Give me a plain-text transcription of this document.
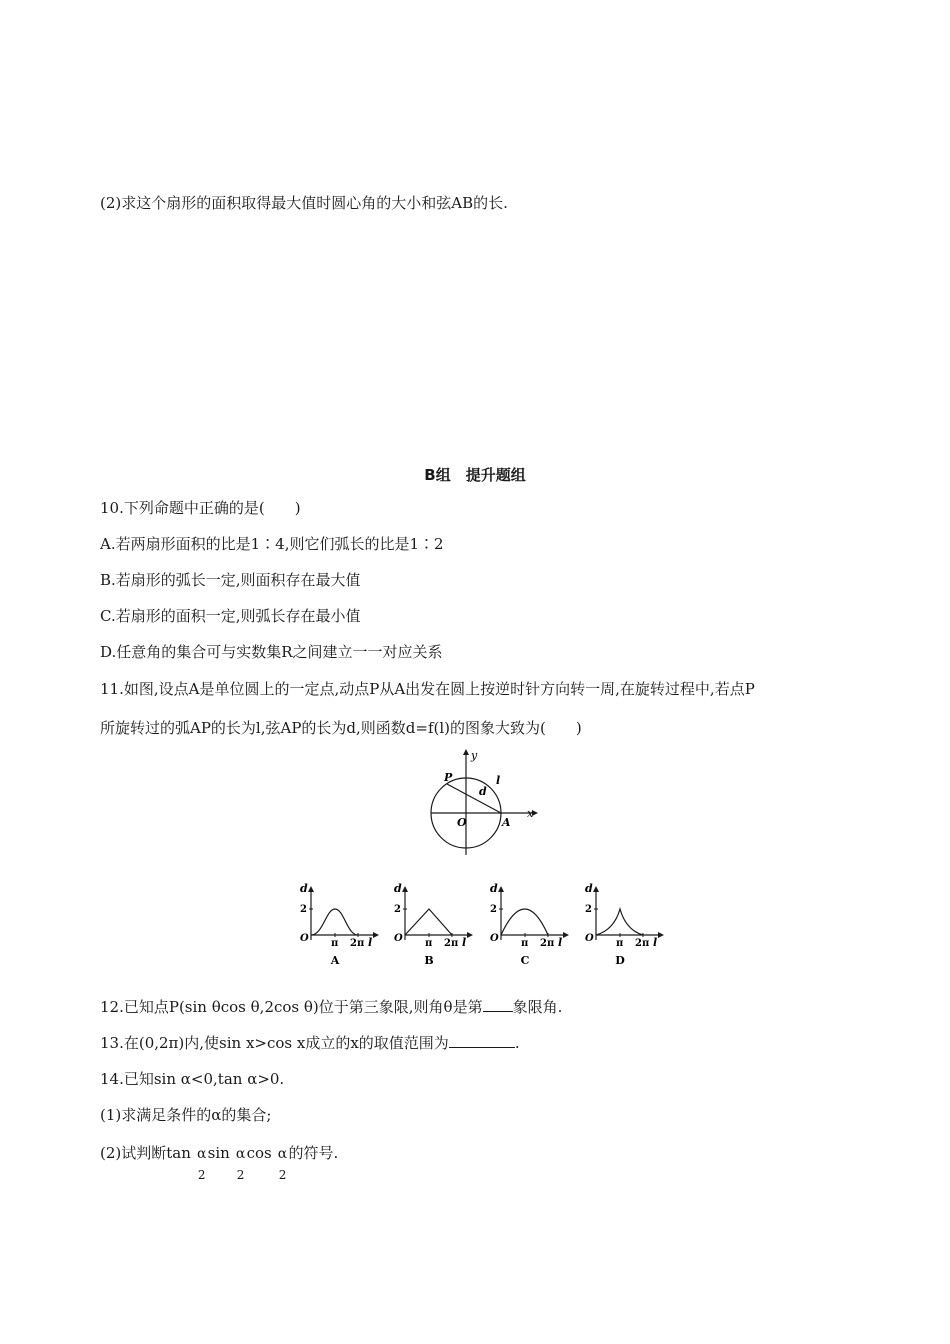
(2)求这个扇形的面积取得最大值时圆心角的大小和弦AB的长.
B组　提升题组
10.下列命题中正确的是(　　)
A.若两扇形面积的比是1∶4,则它们弧长的比是1∶2
B.若扇形的弧长一定,则面积存在最大值
C.若扇形的面积一定,则弧长存在最小值
D.任意角的集合可与实数集R之间建立一一对应关系
11.如图,设点A是单位圆上的一定点,动点P从A出发在圆上按逆时针方向转一周,在旋转过程中,若点P
所旋转过的弧AP的长为l,弦AP的长为d,则函数d=f(l)的图象大致为(　　)
x
y
P
A
O
d
l
d
2
O π 2π l
A
d
2
O π 2π l
B
d
2
O π 2π l
C
d
2
O π 2π l
D
12.已知点P(sin θcos θ,2cos θ)位于第三象限,则角θ是第 象限角.
13.在(0,2π)内,使sin x>cos x成立的x的取值范围为	.
14.已知sin α<0,tan α>0.
(1)求满足条件的α的集合;
(2)试判断tan α
2
sin α
2
cos α
2
的符号.
